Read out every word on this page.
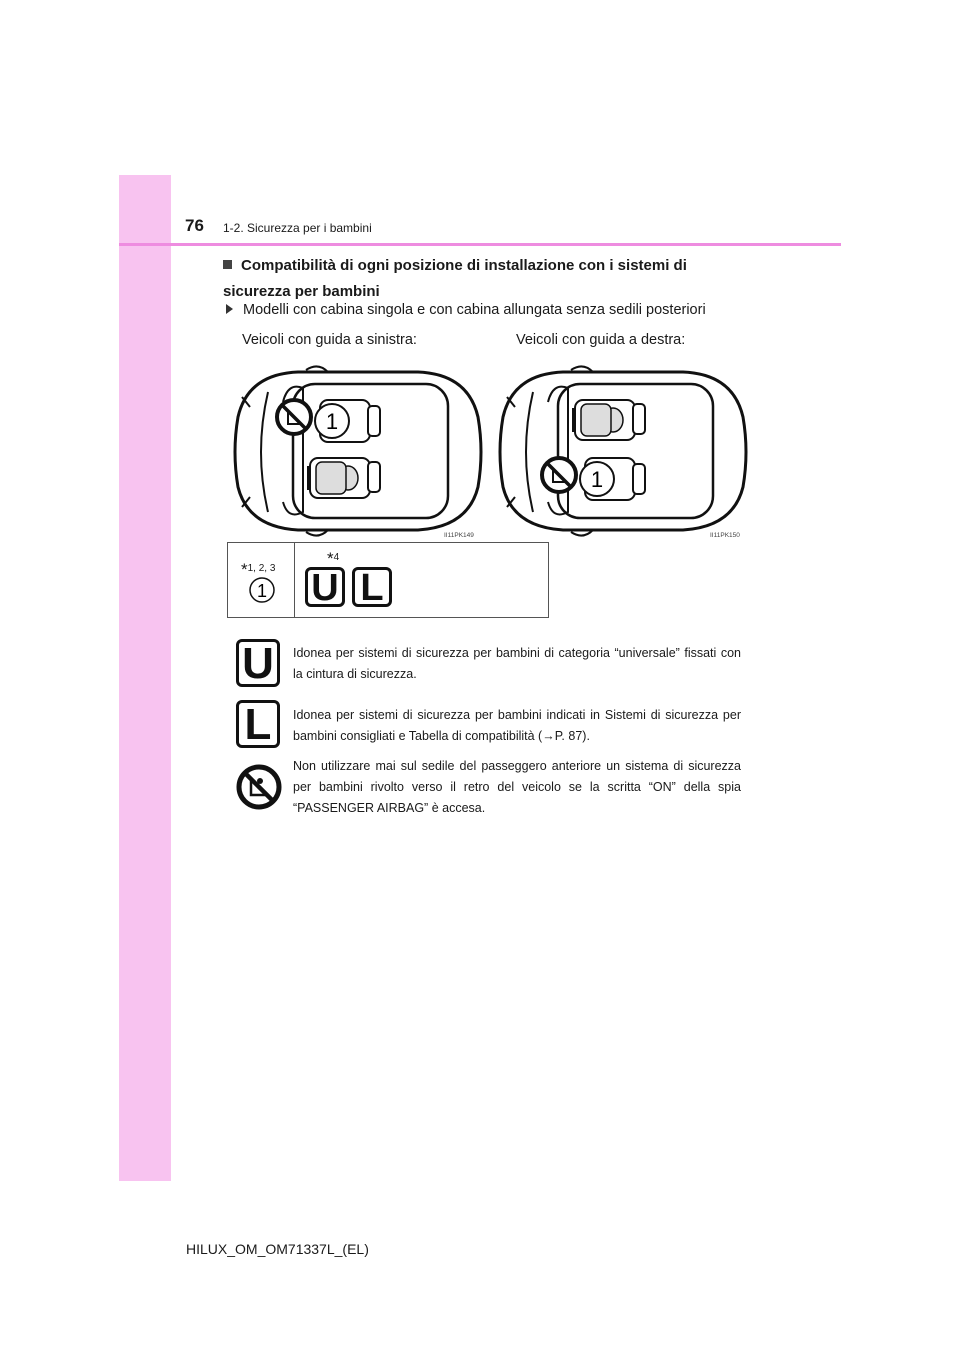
76 1-2. Sicurezza per i bambini
Compatibilità di ogni posizione di installazione con i sistemi di sicurezza per bambini
Modelli con cabina singola e con cabina allungata senza sedili posteriori
Veicoli con guida a sinistra:	Veicoli con guida a destra:
1
II11PK149
1
II11PK150
*1, 2, 3
1
*4
U L
U	Idonea per sistemi di sicurezza per bambini di categoria “universale” fissati con la cintura di sicurezza.
L	Idonea per sistemi di sicurezza per bambini indicati in Sistemi di sicurezza per bambini consigliati e Tabella di compatibilità (→P. 87).
Non utilizzare mai sul sedile del passeggero anteriore un sistema di sicurezza per bambini rivolto verso il retro del veicolo se la scritta “ON” della spia “PASSENGER AIRBAG” è accesa.
HILUX_OM_OM71337L_(EL)
